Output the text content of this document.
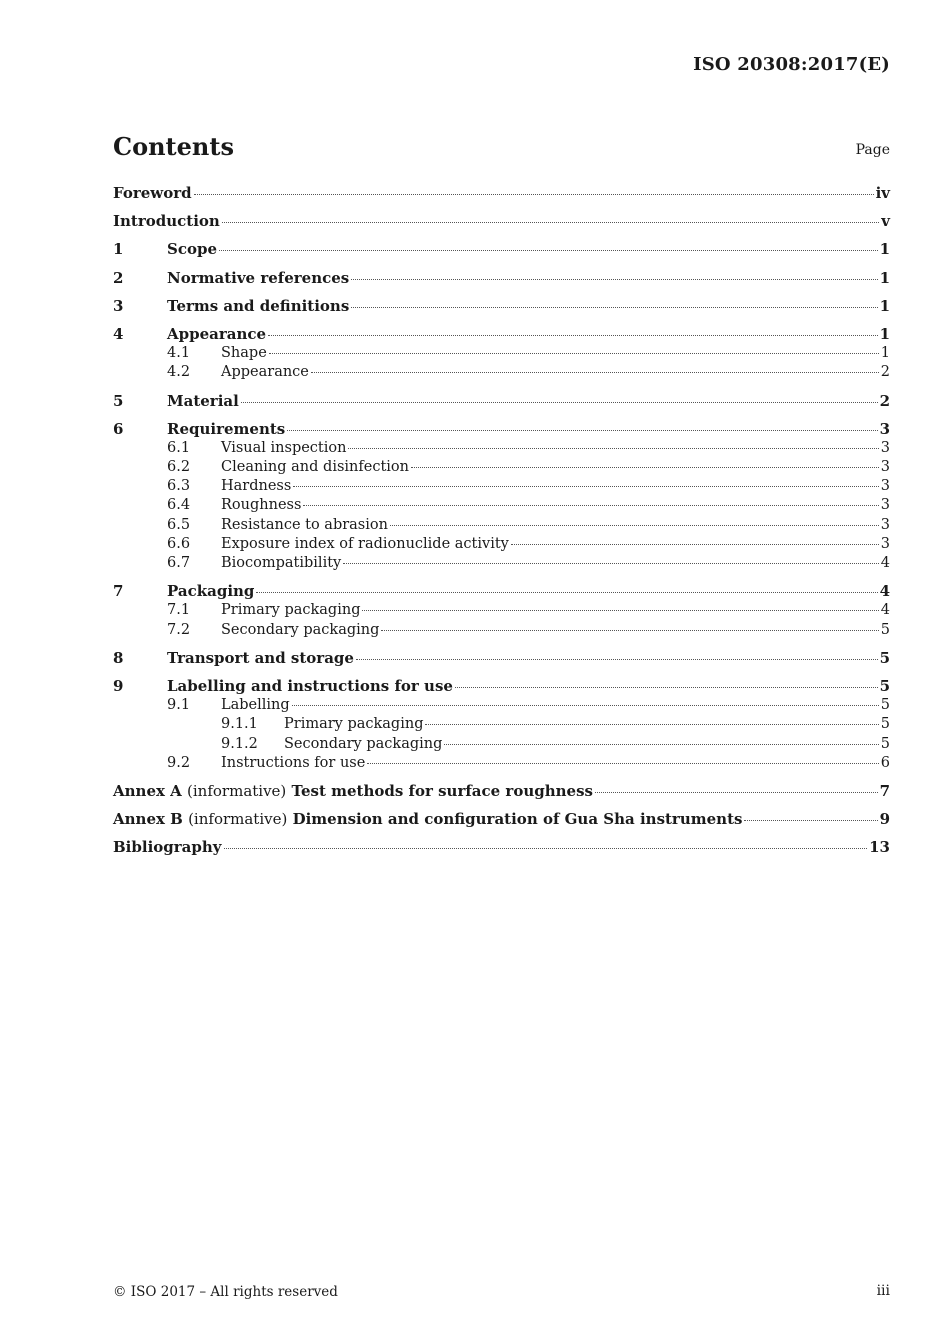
ISO 20308:2017(E)
Contents	Page
Foreword	iv
Introduction	v
1	Scope	1
2	Normative references	1
3	Terms and definitions	1
4	Appearance	1
4.1	Shape	1
4.2	Appearance	2
5	Material	2
6	Requirements	3
6.1	Visual inspection	3
6.2	Cleaning and disinfection	3
6.3	Hardness	3
6.4	Roughness	3
6.5	Resistance to abrasion	3
6.6	Exposure index of radionuclide activity	3
6.7	Biocompatibility	4
7	Packaging	4
7.1	Primary packaging	4
7.2	Secondary packaging	5
8	Transport and storage	5
9	Labelling and instructions for use	5
9.1	Labelling	5
9.1.1	Primary packaging	5
9.1.2	Secondary packaging	5
9.2	Instructions for use	6
Annex A (informative) Test methods for surface roughness	7
Annex B (informative) Dimension and configuration of Gua Sha instruments	9
Bibliography	13
© ISO 2017 – All rights reserved	iii
